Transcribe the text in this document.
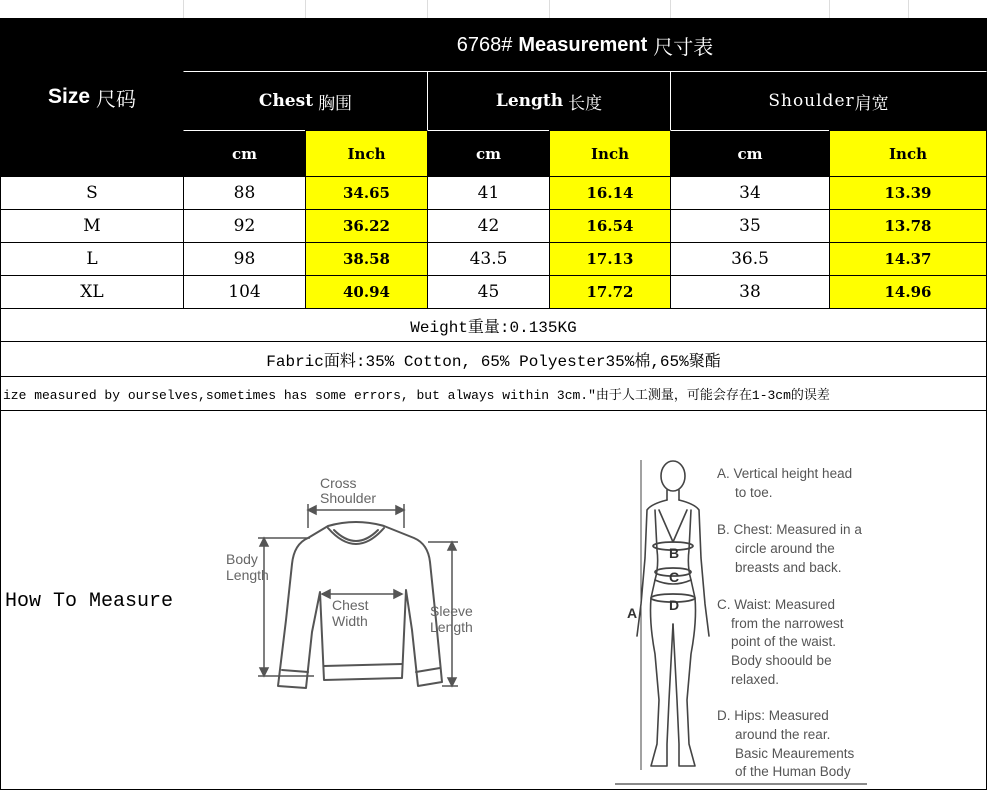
Size 尺码
6768# Measurement 尺寸表
Chest 胸围	Length 长度	Shoulder 肩宽
cm	Inch	cm	Inch	cm	Inch
S	88	34.65	41	16.14	34	13.39
M	92	36.22	42	16.54	35	13.78
L	98	38.58	43.5	17.13	36.5	14.37
XL	104	40.94	45	17.72	38	14.96
Weight重量:0.135KG
Fabric面料:35% Cotton, 65% Polyester35%棉,65%聚酯
ize measured by ourselves,sometimes has some errors, but always within 3cm."由于人工测量，可能会存在1-3cm的误差
How To Measure
Cross
Shoulder
Body
Length
Chest
Width
Sleeve
Length
A
B
C
D
A. Vertical height head
to toe.
B. Chest: Measured in a
circle around the
breasts and back.
C. Waist: Measured
from the narrowest
point of the waist.
Body shoould be
relaxed.
D. Hips: Measured
around the rear.
Basic Meaurements
of the Human Body
